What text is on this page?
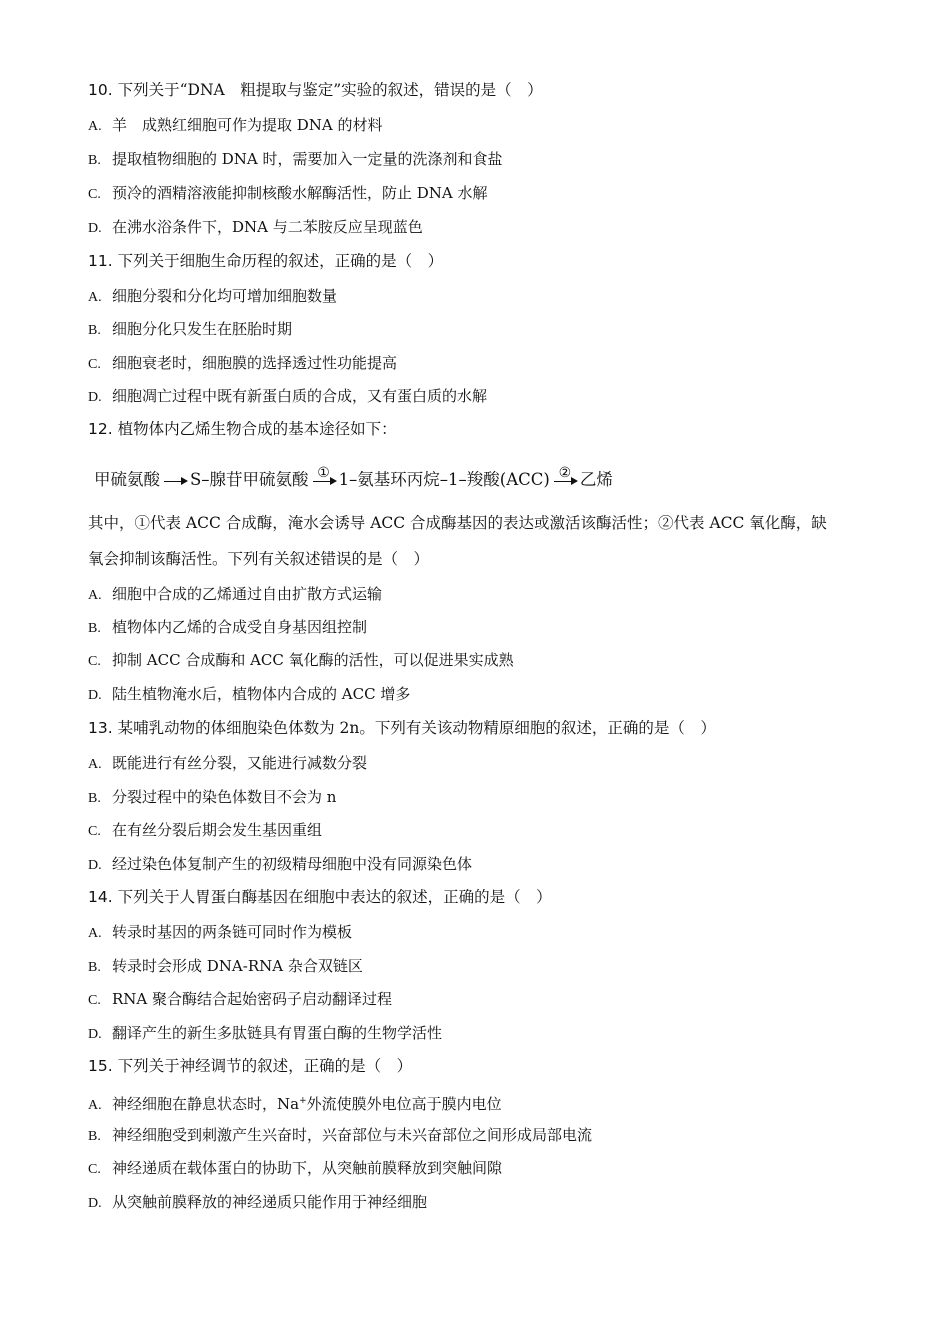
10. 下列关于“DNA　粗提取与鉴定”实验的叙述，错误的是（　）
A. 羊　成熟红细胞可作为提取 DNA 的材料
B. 提取植物细胞的 DNA 时，需要加入一定量的洗涤剂和食盐
C. 预冷的酒精溶液能抑制核酸水解酶活性，防止 DNA 水解
D. 在沸水浴条件下，DNA 与二苯胺反应呈现蓝色
11. 下列关于细胞生命历程的叙述，正确的是（　）
A. 细胞分裂和分化均可增加细胞数量
B. 细胞分化只发生在胚胎时期
C. 细胞衰老时，细胞膜的选择透过性功能提高
D. 细胞凋亡过程中既有新蛋白质的合成，又有蛋白质的水解
12. 植物体内乙烯生物合成的基本途径如下：
甲硫氨酸 S–腺苷甲硫氨酸 ① 1–氨基环丙烷–1–羧酸(ACC) ② 乙烯
其中，①代表 ACC 合成酶，淹水会诱导 ACC 合成酶基因的表达或激活该酶活性；②代表 ACC 氧化酶，缺
氧会抑制该酶活性。下列有关叙述错误的是（　）
A. 细胞中合成的乙烯通过自由扩散方式运输
B. 植物体内乙烯的合成受自身基因组控制
C. 抑制 ACC 合成酶和 ACC 氧化酶的活性，可以促进果实成熟
D. 陆生植物淹水后，植物体内合成的 ACC 增多
13. 某哺乳动物的体细胞染色体数为 2n。下列有关该动物精原细胞的叙述，正确的是（　）
A. 既能进行有丝分裂，又能进行减数分裂
B. 分裂过程中的染色体数目不会为 n
C. 在有丝分裂后期会发生基因重组
D. 经过染色体复制产生的初级精母细胞中没有同源染色体
14. 下列关于人胃蛋白酶基因在细胞中表达的叙述，正确的是（　）
A. 转录时基因的两条链可同时作为模板
B. 转录时会形成 DNA-RNA 杂合双链区
C. RNA 聚合酶结合起始密码子启动翻译过程
D. 翻译产生的新生多肽链具有胃蛋白酶的生物学活性
15. 下列关于神经调节的叙述，正确的是（　）
A. 神经细胞在静息状态时，Na+外流使膜外电位高于膜内电位
B. 神经细胞受到刺激产生兴奋时，兴奋部位与未兴奋部位之间形成局部电流
C. 神经递质在载体蛋白的协助下，从突触前膜释放到突触间隙
D. 从突触前膜释放的神经递质只能作用于神经细胞
